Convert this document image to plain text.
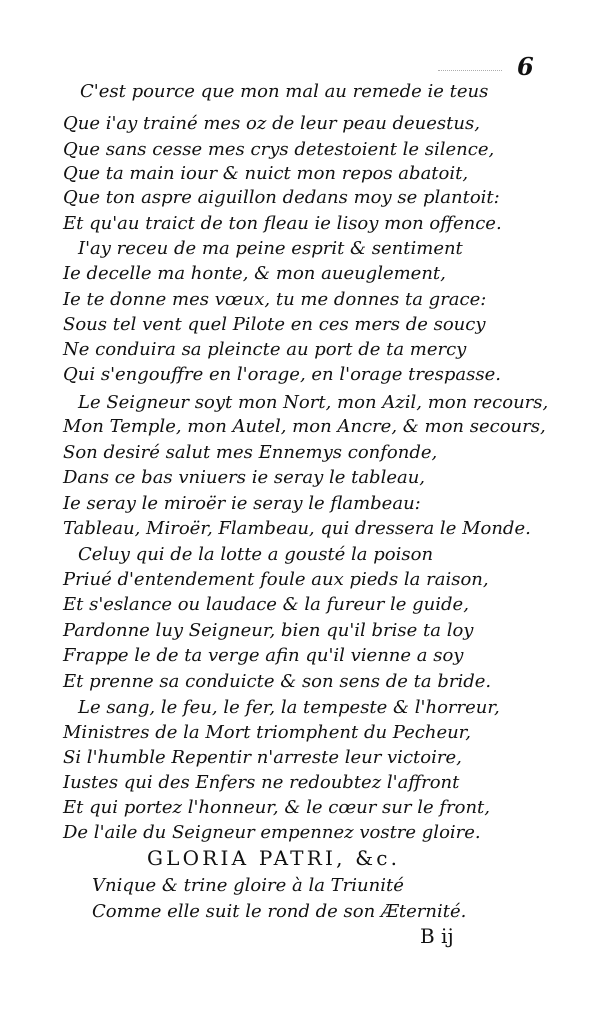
6
C'est pource que mon mal au remede ie teus
Que i'ay trainé mes oz de leur peau deuestus,
Que sans cesse mes crys detestoient le silence,
Que ta main iour & nuict mon repos abatoit,
Que ton aspre aiguillon dedans moy se plantoit:
Et qu'au traict de ton fleau ie lisoy mon offence.
I'ay receu de ma peine esprit & sentiment
Ie decelle ma honte, & mon aueuglement,
Ie te donne mes vœux, tu me donnes ta grace:
Sous tel vent quel Pilote en ces mers de soucy
Ne conduira sa pleincte au port de ta mercy
Qui s'engouffre en l'orage, en l'orage trespasse.
Le Seigneur soyt mon Nort, mon Azil, mon recours,
Mon Temple, mon Autel, mon Ancre, & mon secours,
Son desiré salut mes Ennemys confonde,
Dans ce bas vniuers ie seray le tableau,
Ie seray le miroër ie seray le flambeau:
Tableau, Miroër, Flambeau, qui dressera le Monde.
Celuy qui de la lotte a gousté la poison
Priué d'entendement foule aux pieds la raison,
Et s'eslance ou laudace & la fureur le guide,
Pardonne luy Seigneur, bien qu'il brise ta loy
Frappe le de ta verge afin qu'il vienne a soy
Et prenne sa conduicte & son sens de ta bride.
Le sang, le feu, le fer, la tempeste & l'horreur,
Ministres de la Mort triomphent du Pecheur,
Si l'humble Repentir n'arreste leur victoire,
Iustes qui des Enfers ne redoubtez l'affront
Et qui portez l'honneur, & le cœur sur le front,
De l'aile du Seigneur empennez vostre gloire.
GLORIA PATRI, &c.
Vnique & trine gloire à la Triunité
Comme elle suit le rond de son Æternité.
B ij
